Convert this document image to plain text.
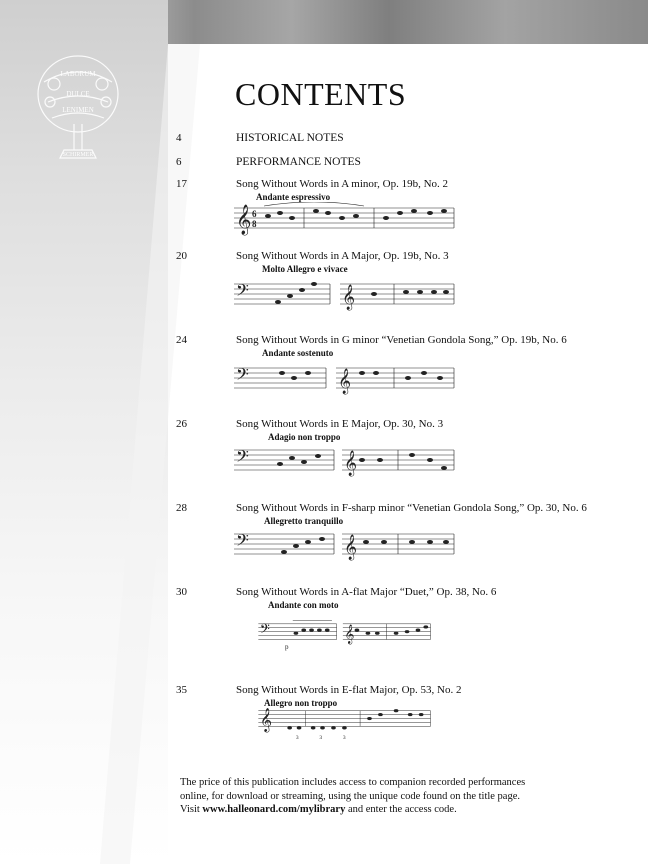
LABORUM
DULCE
LENIMEN
SCHIRMER
CONTENTS
4	HISTORICAL NOTES
6	PERFORMANCE NOTES
17	Song Without Words in A minor, Op. 19b, No. 2
Andante espressivo
𝄞 6
8
20	Song Without Words in A Major, Op. 19b, No. 3
Molto Allegro e vivace
𝄢	𝄞
24	Song Without Words in G minor “Venetian Gondola Song,” Op. 19b, No. 6
Andante sostenuto
𝄢	𝄞
26	Song Without Words in E Major, Op. 30, No. 3
Adagio non troppo
𝄢	𝄞
28	Song Without Words in F-sharp minor “Venetian Gondola Song,” Op. 30, No. 6
Allegretto tranquillo
𝄢	𝄞
30	Song Without Words in A-flat Major “Duet,” Op. 38, No. 6
Andante con moto
𝄢	𝄞
p
35	Song Without Words in E-flat Major, Op. 53, No. 2
Allegro non troppo
𝄞
3	3	3

The price of this publication includes access to companion recorded performances
online, for download or streaming, using the unique code found on the title page.
Visit www.halleonard.com/mylibrary and enter the access code.
